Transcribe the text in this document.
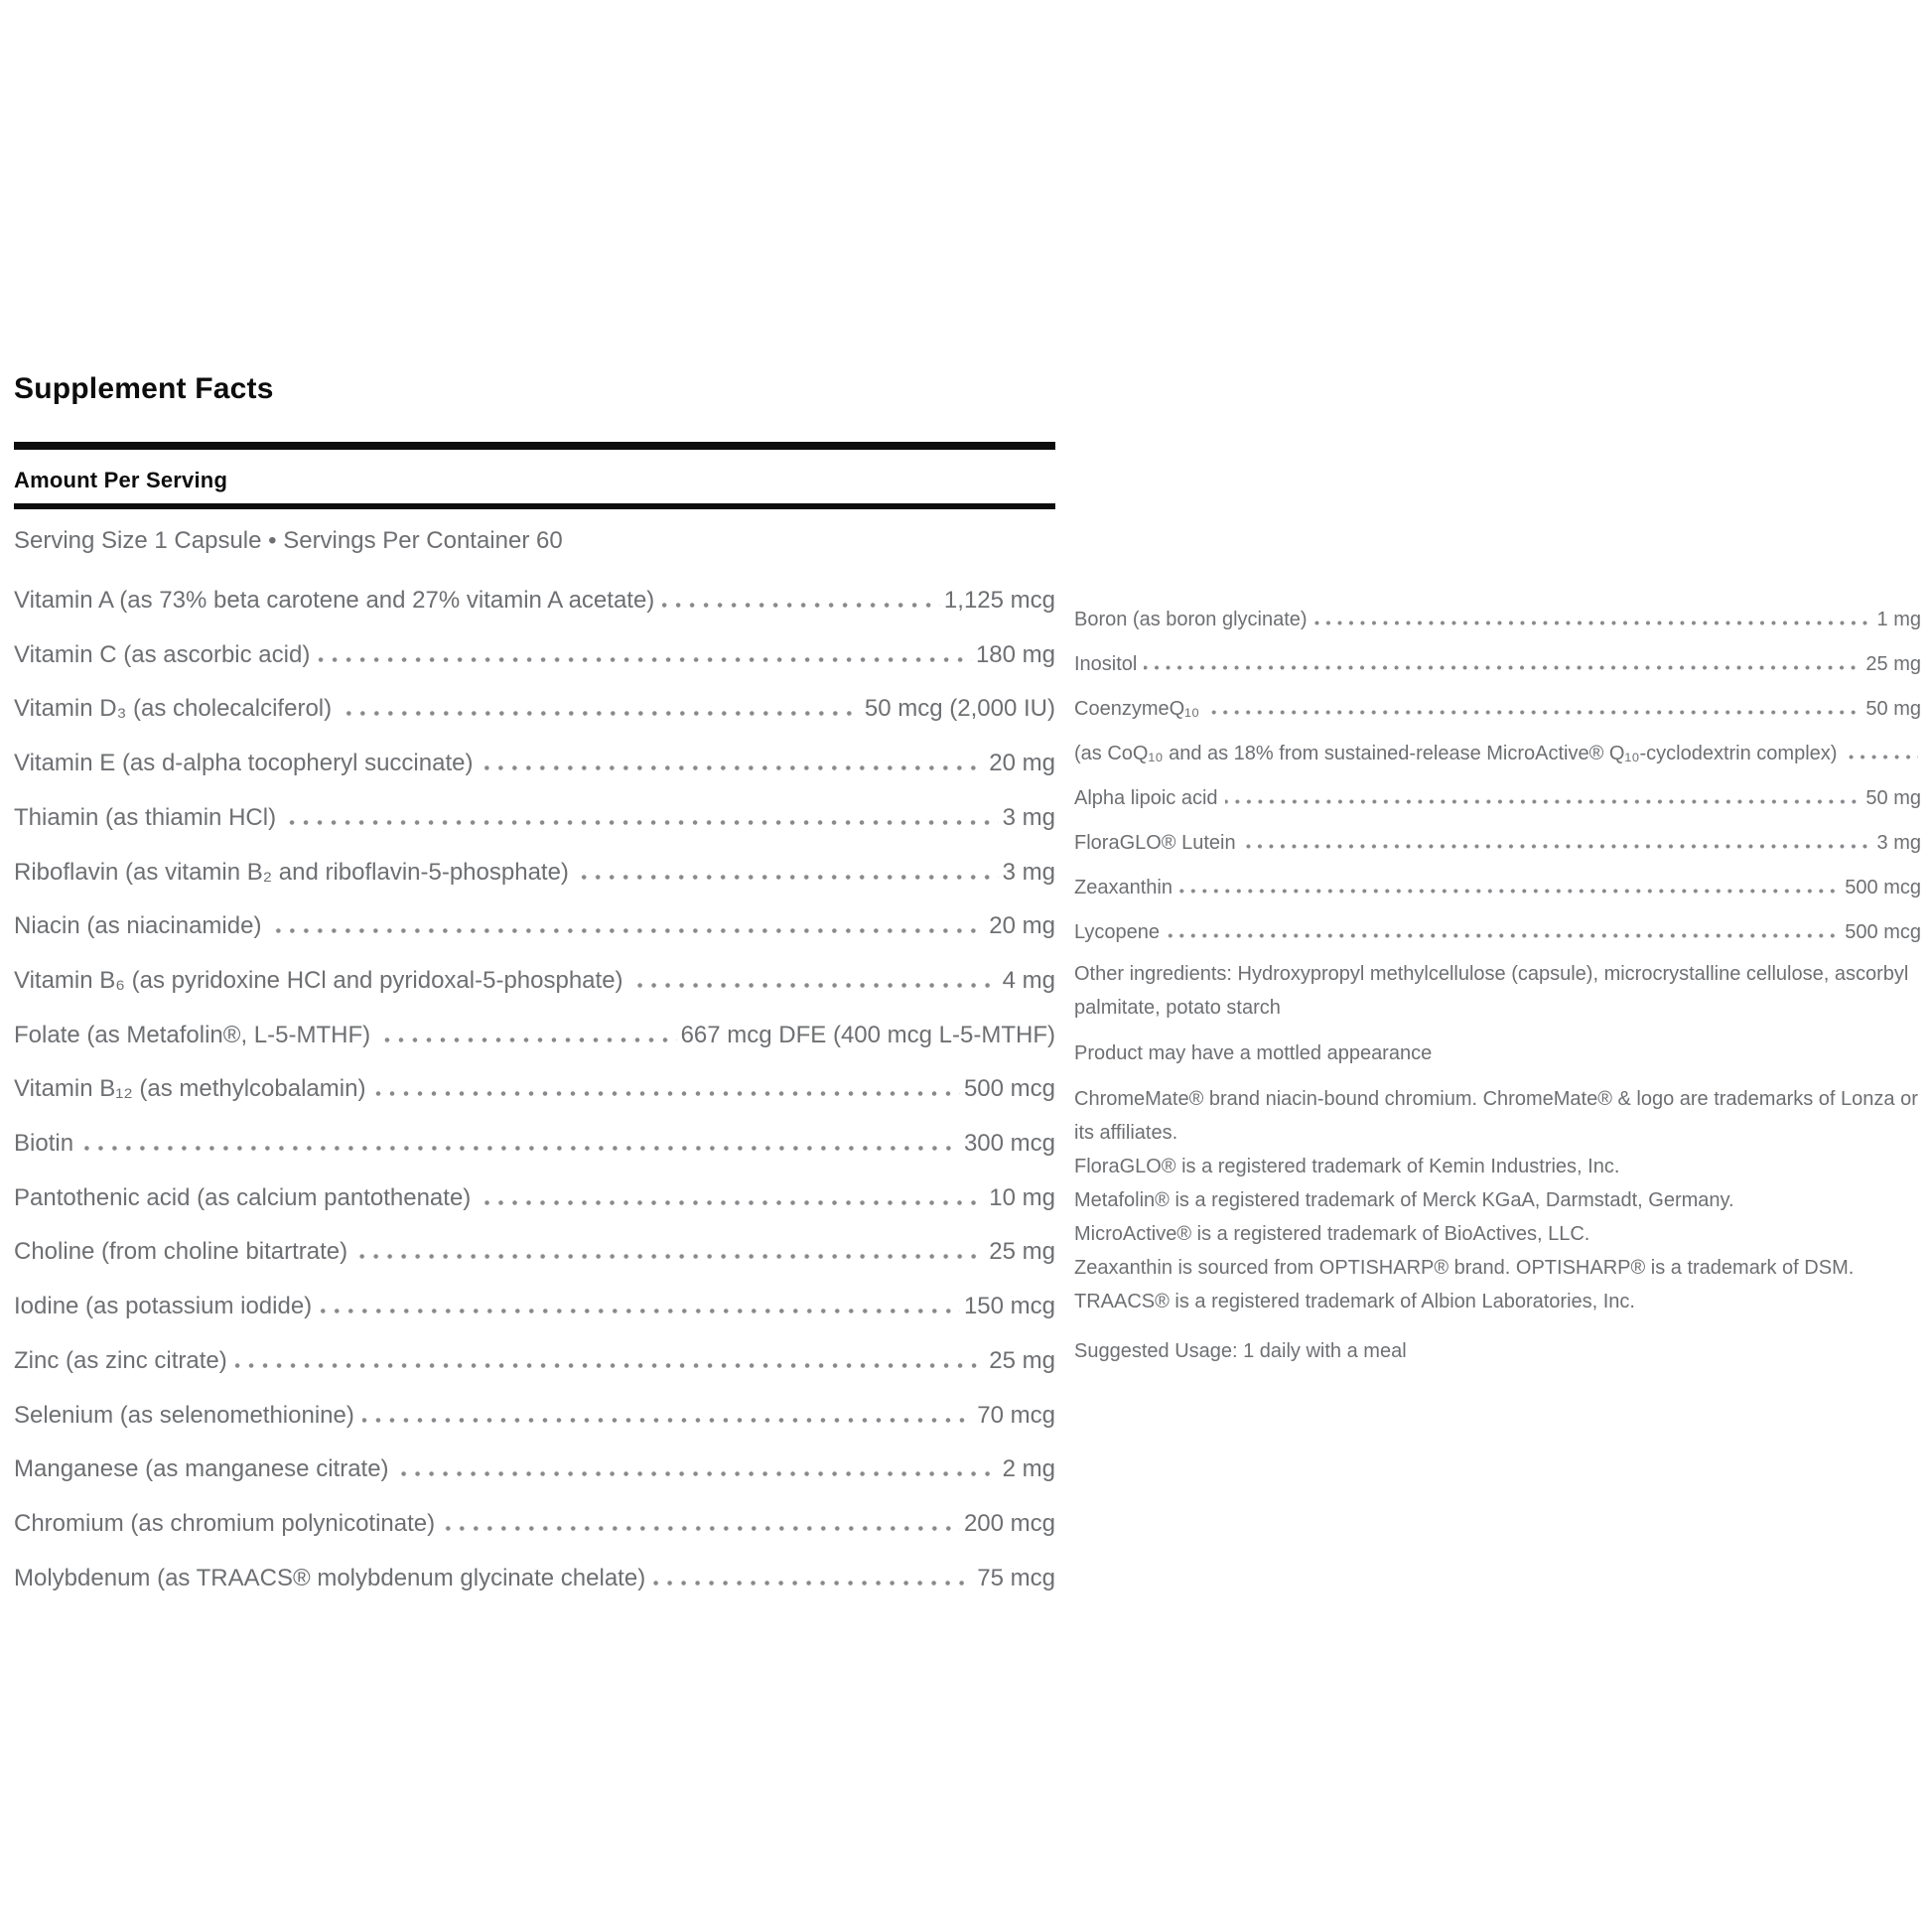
Supplement Facts
Amount Per Serving
Serving Size 1 Capsule • Servings Per Container 60
Vitamin A (as 73% beta carotene and 27% vitamin A acetate)	1,125 mcg
Vitamin C (as ascorbic acid)	180 mg
Vitamin D₃ (as cholecalciferol)	50 mcg (2,000 IU)
Vitamin E (as d-alpha tocopheryl succinate)	20 mg
Thiamin (as thiamin HCl)	3 mg
Riboflavin (as vitamin B₂ and riboflavin-5-phosphate)	3 mg
Niacin (as niacinamide)	20 mg
Vitamin B₆ (as pyridoxine HCl and pyridoxal-5-phosphate)	4 mg
Folate (as Metafolin®, L-5-MTHF)	667 mcg DFE (400 mcg L-5-MTHF)
Vitamin B₁₂ (as methylcobalamin)	500 mcg
Biotin	300 mcg
Pantothenic acid (as calcium pantothenate)	10 mg
Choline (from choline bitartrate)	25 mg
Iodine (as potassium iodide)	150 mcg
Zinc (as zinc citrate)	25 mg
Selenium (as selenomethionine)	70 mcg
Manganese (as manganese citrate)	2 mg
Chromium (as chromium polynicotinate)	200 mcg
Molybdenum (as TRAACS® molybdenum glycinate chelate)	75 mcg
Boron (as boron glycinate)	1 mg
Inositol	25 mg
CoenzymeQ₁₀	50 mg
(as CoQ₁₀ and as 18% from sustained-release MicroActive® Q₁₀-cyclodextrin complex)
Alpha lipoic acid	50 mg
FloraGLO® Lutein	3 mg
Zeaxanthin	500 mcg
Lycopene	500 mcg

Other ingredients: Hydroxypropyl methylcellulose (capsule), microcrystalline cellulose, ascorbyl palmitate, potato starch

Product may have a mottled appearance

ChromeMate® brand niacin-bound chromium. ChromeMate® & logo are trademarks of Lonza or its affiliates.

FloraGLO® is a registered trademark of Kemin Industries, Inc.

Metafolin® is a registered trademark of Merck KGaA, Darmstadt, Germany.

MicroActive® is a registered trademark of BioActives, LLC.

Zeaxanthin is sourced from OPTISHARP® brand. OPTISHARP® is a trademark of DSM.

TRAACS® is a registered trademark of Albion Laboratories, Inc.

Suggested Usage: 1 daily with a meal
